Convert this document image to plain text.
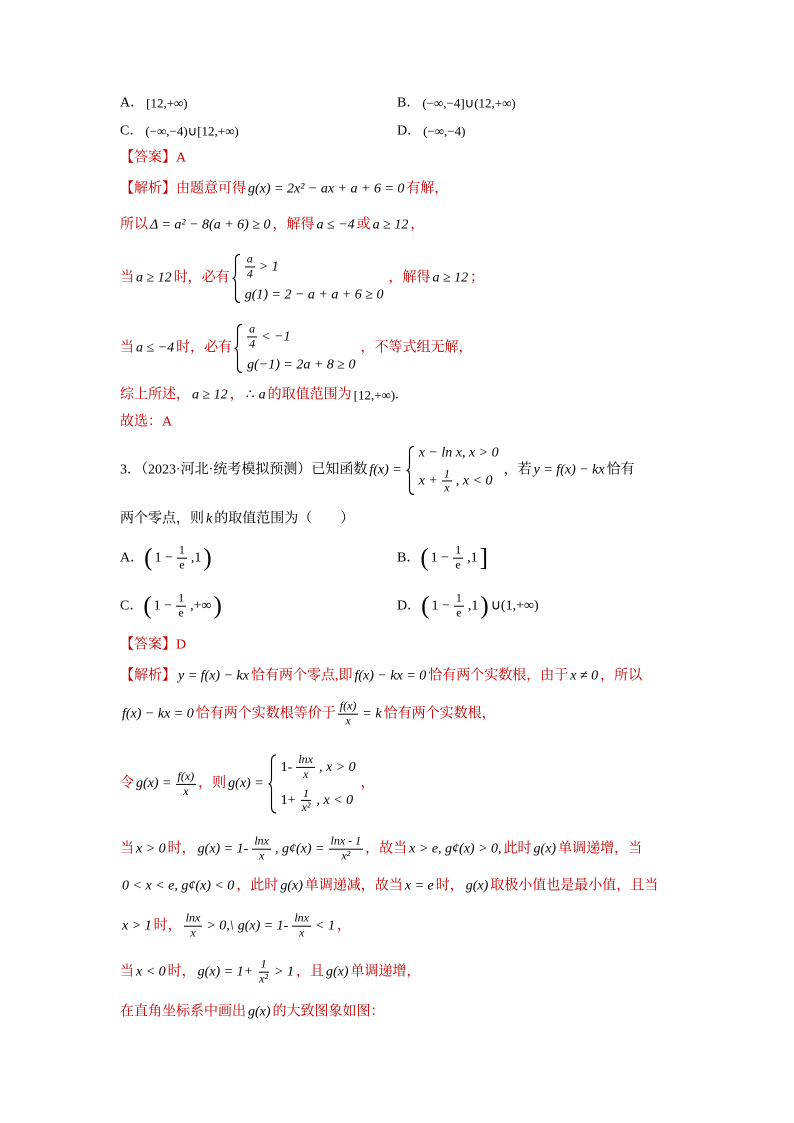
A． [12,+∞)	B． (−∞,−4]∪(12,+∞)
C． (−∞,−4)∪[12,+∞)	D． (−∞,−4)
【答案】 A
【解析】 由题意可得 g(x) = 2x² − ax + a + 6 = 0 有解，
所以 Δ = a² − 8(a + 6) ≥ 0 ，解得 a ≤ −4 或 a ≥ 12 ，
当 a ≥ 12 时，必有 $\frac{a}{4} > 1$
g(1) = 2 − a + a + 6 ≥ 0
，解得 a ≥ 12 ；
当 a ≤ −4 时，必有 $\frac{a}{4} < -1$
g(−1) = 2a + 8 ≥ 0
，不等式组无解，
综上所述， a ≥ 12 ， ∴ a 的取值范围为 [12,+∞) .
故选：A
3．（2023·河北·统考模拟预测）已知函数 f(x) =
x − ln x, x > 0
$x + \frac{1}{x}$ , x < 0
，若 y = f(x) − kx 恰有
两个零点，则 k 的取值范围为（　　）
A． ( $1 - \frac{1}{e} ,1$ )	B． ( $1 - \frac{1}{e} ,1$ ]
C． ( $1 - \frac{1}{e}$ ,+∞ )	D． ( $1 - \frac{1}{e} ,1$ ) ∪(1,+∞)
【答案】 D
【解析】 y = f(x) − kx 恰有两个零点,即 f(x) − kx = 0 恰有两个实数根，由于 x ≠ 0 ，所以
f(x) − kx = 0 恰有两个实数根等价于 $\frac{f(x)}{x} = k$ 恰有两个实数根，
令 $g(x) = \frac{f(x)}{x}$ ，则 g(x) =
$1- \frac{\ln x}{x}$ , x > 0
$1+ \frac{1}{\text{x²}}$ , x < 0
，
当 x > 0 时， $g(x) = 1- \frac{\ln x}{x}$ , g¢(x) = $\frac{\ln x - 1}{\text{x²}}$ ，故当 x > e, g¢(x) > 0, 此时 g(x) 单调递增，当
0 < x < e, g¢(x) < 0 ，此时 g(x) 单调递减，故当 x = e 时， g(x) 取极小值也是最小值，且当
x > 1 时， $\frac{\ln x}{x}$ > 0,\ $g(x) = 1- \frac{\ln x}{x} < 1$ ，
当 x < 0 时， $g(x) = 1+ \frac{1}{\text{x²}} > 1$ ，且 g(x) 单调递增，
在直角坐标系中画出 g(x) 的大致图象如图：
